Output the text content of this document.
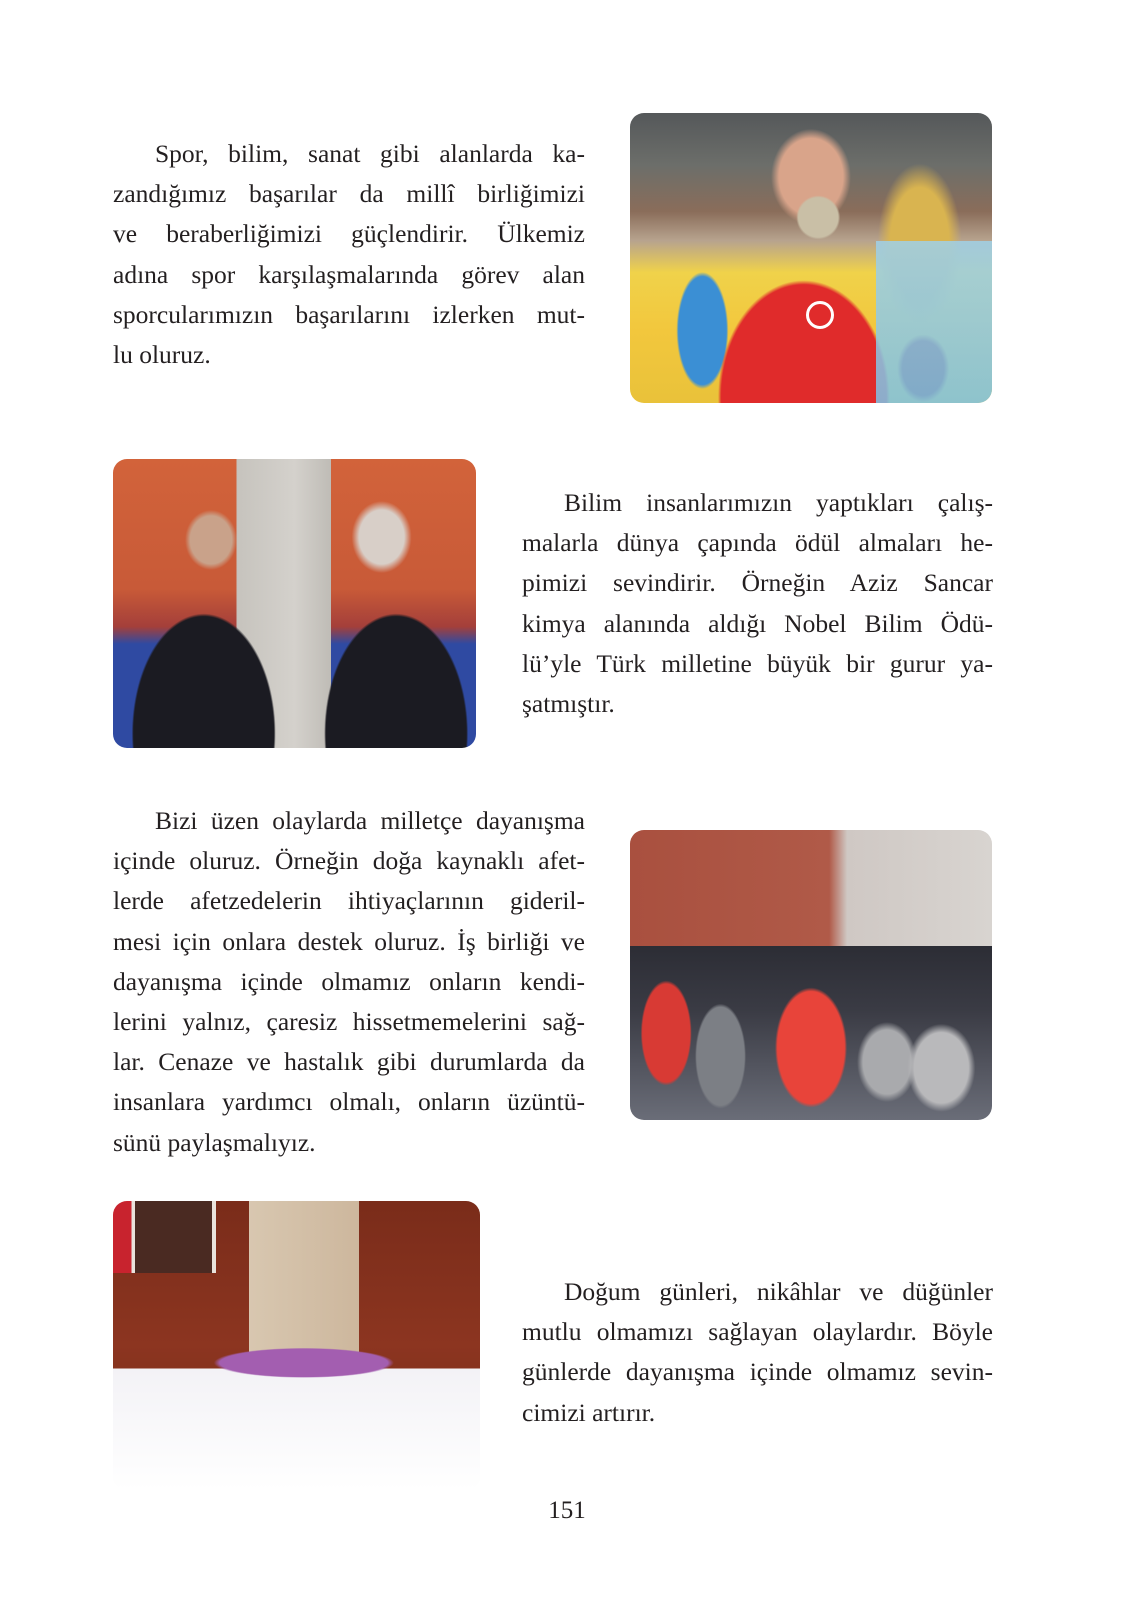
Spor, bilim, sanat gibi alanlarda ka-
zandığımız başarılar da millî birliğimizi
ve beraberliğimizi güçlendirir. Ülkemiz
adına spor karşılaşmalarında görev alan
sporcularımızın başarılarını izlerken mut-
lu oluruz.
Bilim insanlarımızın yaptıkları çalış-
malarla dünya çapında ödül almaları he-
pimizi sevindirir. Örneğin Aziz Sancar
kimya alanında aldığı Nobel Bilim Ödü-
lü’yle Türk milletine büyük bir gurur ya-
şatmıştır.
Bizi üzen olaylarda milletçe dayanışma
içinde oluruz. Örneğin doğa kaynaklı afet-
lerde afetzedelerin ihtiyaçlarının gideril-
mesi için onlara destek oluruz. İş birliği ve
dayanışma içinde olmamız onların kendi-
lerini yalnız, çaresiz hissetmemelerini sağ-
lar. Cenaze ve hastalık gibi durumlarda da
insanlara yardımcı olmalı, onların üzüntü-
sünü paylaşmalıyız.
Doğum günleri, nikâhlar ve düğünler
mutlu olmamızı sağlayan olaylardır. Böyle
günlerde dayanışma içinde olmamız sevin-
cimizi artırır.
151
